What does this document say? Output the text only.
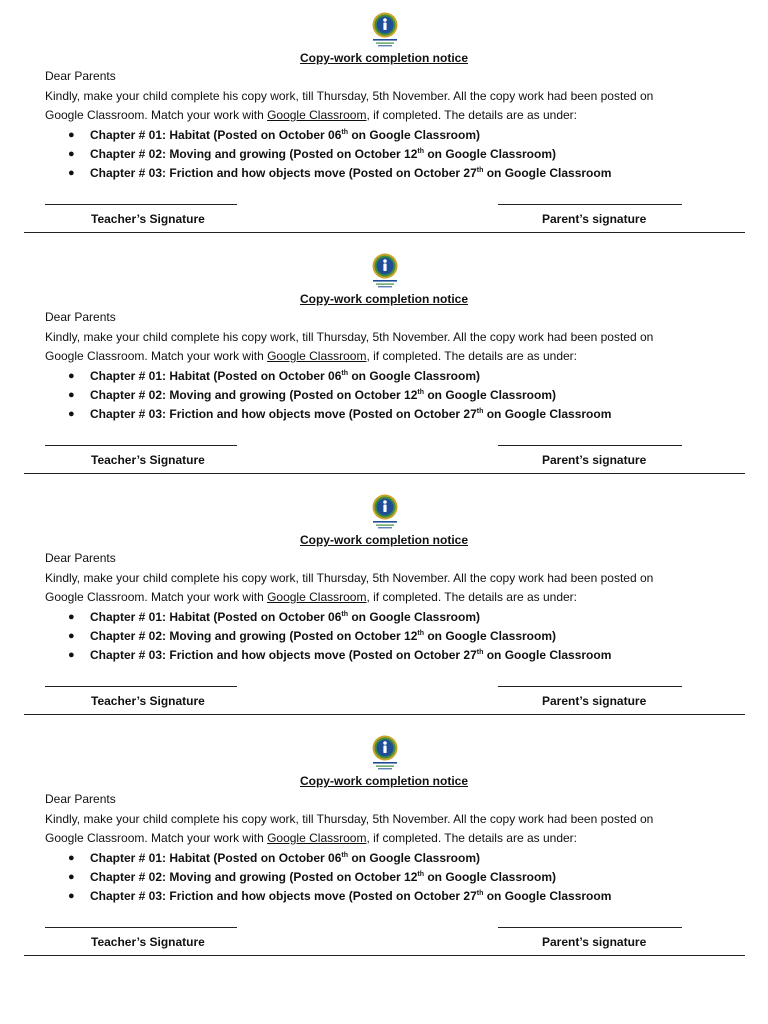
Copy-work completion notice
Dear Parents
Kindly, make your child complete his copy work, till Thursday, 5th November. All the copy work had been posted on
Google Classroom. Match your work with Google Classroom, if completed. The details are as under:
● Chapter # 01: Habitat (Posted on October 06th on Google Classroom)
● Chapter # 02: Moving and growing (Posted on October 12th on Google Classroom)
● Chapter # 03: Friction and how objects move (Posted on October 27th on Google Classroom
Teacher’s Signature	Parent’s signature
Copy-work completion notice
Dear Parents
Kindly, make your child complete his copy work, till Thursday, 5th November. All the copy work had been posted on
Google Classroom. Match your work with Google Classroom, if completed. The details are as under:
● Chapter # 01: Habitat (Posted on October 06th on Google Classroom)
● Chapter # 02: Moving and growing (Posted on October 12th on Google Classroom)
● Chapter # 03: Friction and how objects move (Posted on October 27th on Google Classroom
Teacher’s Signature	Parent’s signature
Copy-work completion notice
Dear Parents
Kindly, make your child complete his copy work, till Thursday, 5th November. All the copy work had been posted on
Google Classroom. Match your work with Google Classroom, if completed. The details are as under:
● Chapter # 01: Habitat (Posted on October 06th on Google Classroom)
● Chapter # 02: Moving and growing (Posted on October 12th on Google Classroom)
● Chapter # 03: Friction and how objects move (Posted on October 27th on Google Classroom
Teacher’s Signature	Parent’s signature
Copy-work completion notice
Dear Parents
Kindly, make your child complete his copy work, till Thursday, 5th November. All the copy work had been posted on
Google Classroom. Match your work with Google Classroom, if completed. The details are as under:
● Chapter # 01: Habitat (Posted on October 06th on Google Classroom)
● Chapter # 02: Moving and growing (Posted on October 12th on Google Classroom)
● Chapter # 03: Friction and how objects move (Posted on October 27th on Google Classroom
Teacher’s Signature	Parent’s signature
